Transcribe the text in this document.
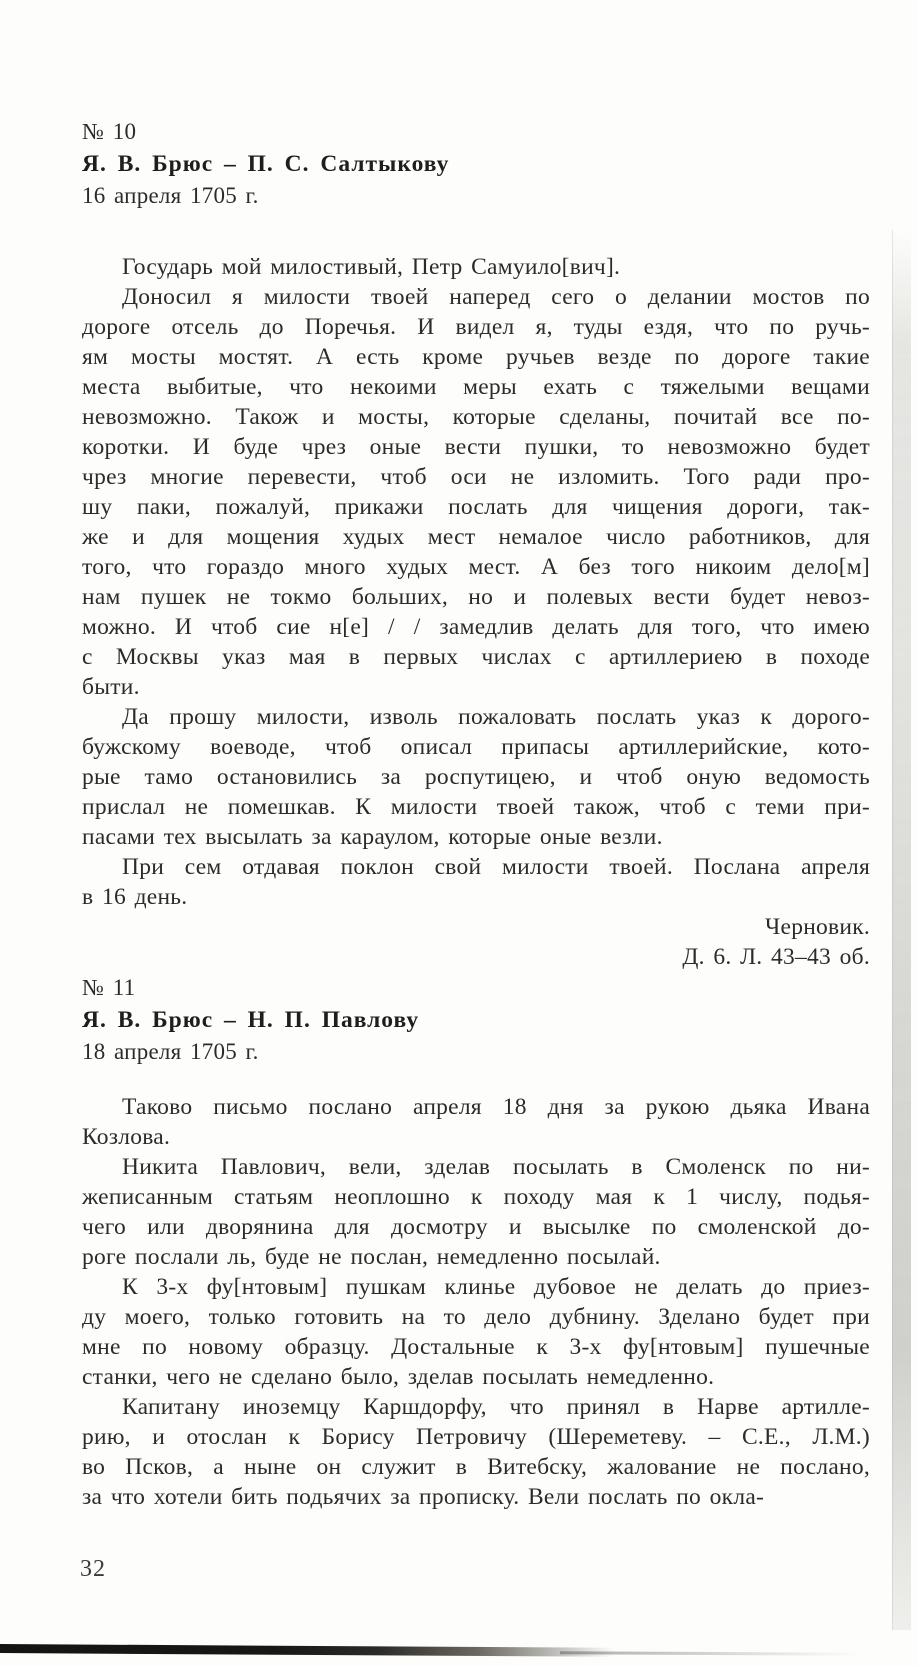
№ 10
Я. В. Брюс – П. С. Салтыкову
16 апреля 1705 г.
Государь мой милостивый, Петр Самуило[вич].
Доносил я милости твоей наперед сего о делании мостов по
дороге отсель до Поречья. И видел я, туды ездя, что по ручь-
ям мосты мостят. А есть кроме ручьев везде по дороге такие
места выбитые, что некоими меры ехать с тяжелыми вещами
невозможно. Також и мосты, которые сделаны, почитай все по-
коротки. И буде чрез оные вести пушки, то невозможно будет
чрез многие перевести, чтоб оси не изломить. Того ради про-
шу паки, пожалуй, прикажи послать для чищения дороги, так-
же и для мощения худых мест немалое число работников, для
того, что гораздо много худых мест. А без того никоим дело[м]
нам пушек не токмо больших, но и полевых вести будет невоз-
можно. И чтоб сие н[е] / / замедлив делать для того, что имею
с Москвы указ мая в первых числах с артиллериею в походе
быти.
Да прошу милости, изволь пожаловать послать указ к дорого-
бужскому воеводе, чтоб описал припасы артиллерийские, кото-
рые тамо остановились за роспутицею, и чтоб оную ведомость
прислал не помешкав. К милости твоей також, чтоб с теми при-
пасами тех высылать за караулом, которые оные везли.
При сем отдавая поклон свой милости твоей. Послана апреля
в 16 день.
Черновик.
Д. 6. Л. 43–43 об.
№ 11
Я. В. Брюс – Н. П. Павлову
18 апреля 1705 г.
Таково письмо послано апреля 18 дня за рукою дьяка Ивана
Козлова.
Никита Павлович, вели, зделав посылать в Смоленск по ни-
жеписанным статьям неоплошно к походу мая к 1 числу, подья-
чего или дворянина для досмотру и высылке по смоленской до-
роге послали ль, буде не послан, немедленно посылай.
К 3-х фу[нтовым] пушкам клинье дубовое не делать до приез-
ду моего, только готовить на то дело дубнину. Зделано будет при
мне по новому образцу. Достальные к 3-х фу[нтовым] пушечные
станки, чего не сделано было, зделав посылать немедленно.
Капитану иноземцу Каршдорфу, что принял в Нарве артилле-
рию, и отослан к Борису Петровичу (Шереметеву. – С.Е., Л.М.)
во Псков, а ныне он служит в Витебску, жалование не послано,
за что хотели бить подьячих за прописку. Вели послать по окла-
32
